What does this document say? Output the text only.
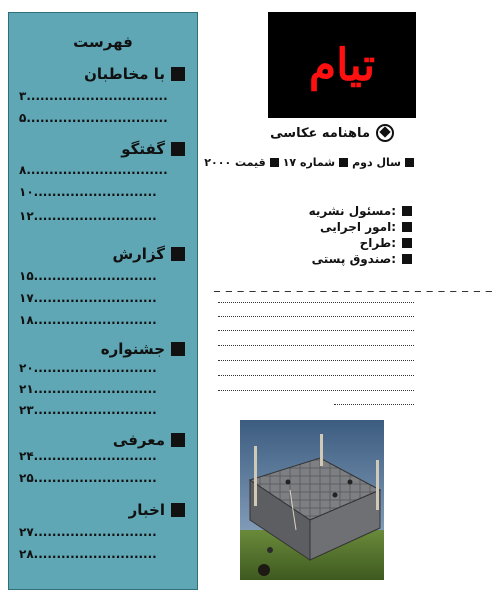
فهرست
با مخاطبان
۳...............................
۵...............................
گفتگو
۸...............................
۱۰...........................
۱۲...........................
گزارش
۱۵...........................
۱۷...........................
۱۸...........................
جشنواره
۲۰...........................
۲۱...........................
۲۳...........................
معرفی
۲۴...........................
۲۵...........................
اخبار
۲۷...........................
۲۸...........................
تیام
ماهنامه عکاسی
سال دوم
شماره ۱۷
قیمت ۲۰۰۰
مسئول نشریه:
امور اجرایی:
طراح:
صندوق پستی:
_ _ _ _ _ _ _ _ _ _ _ _ _ _ _ _ _ _ _ _ _ _ _ _
